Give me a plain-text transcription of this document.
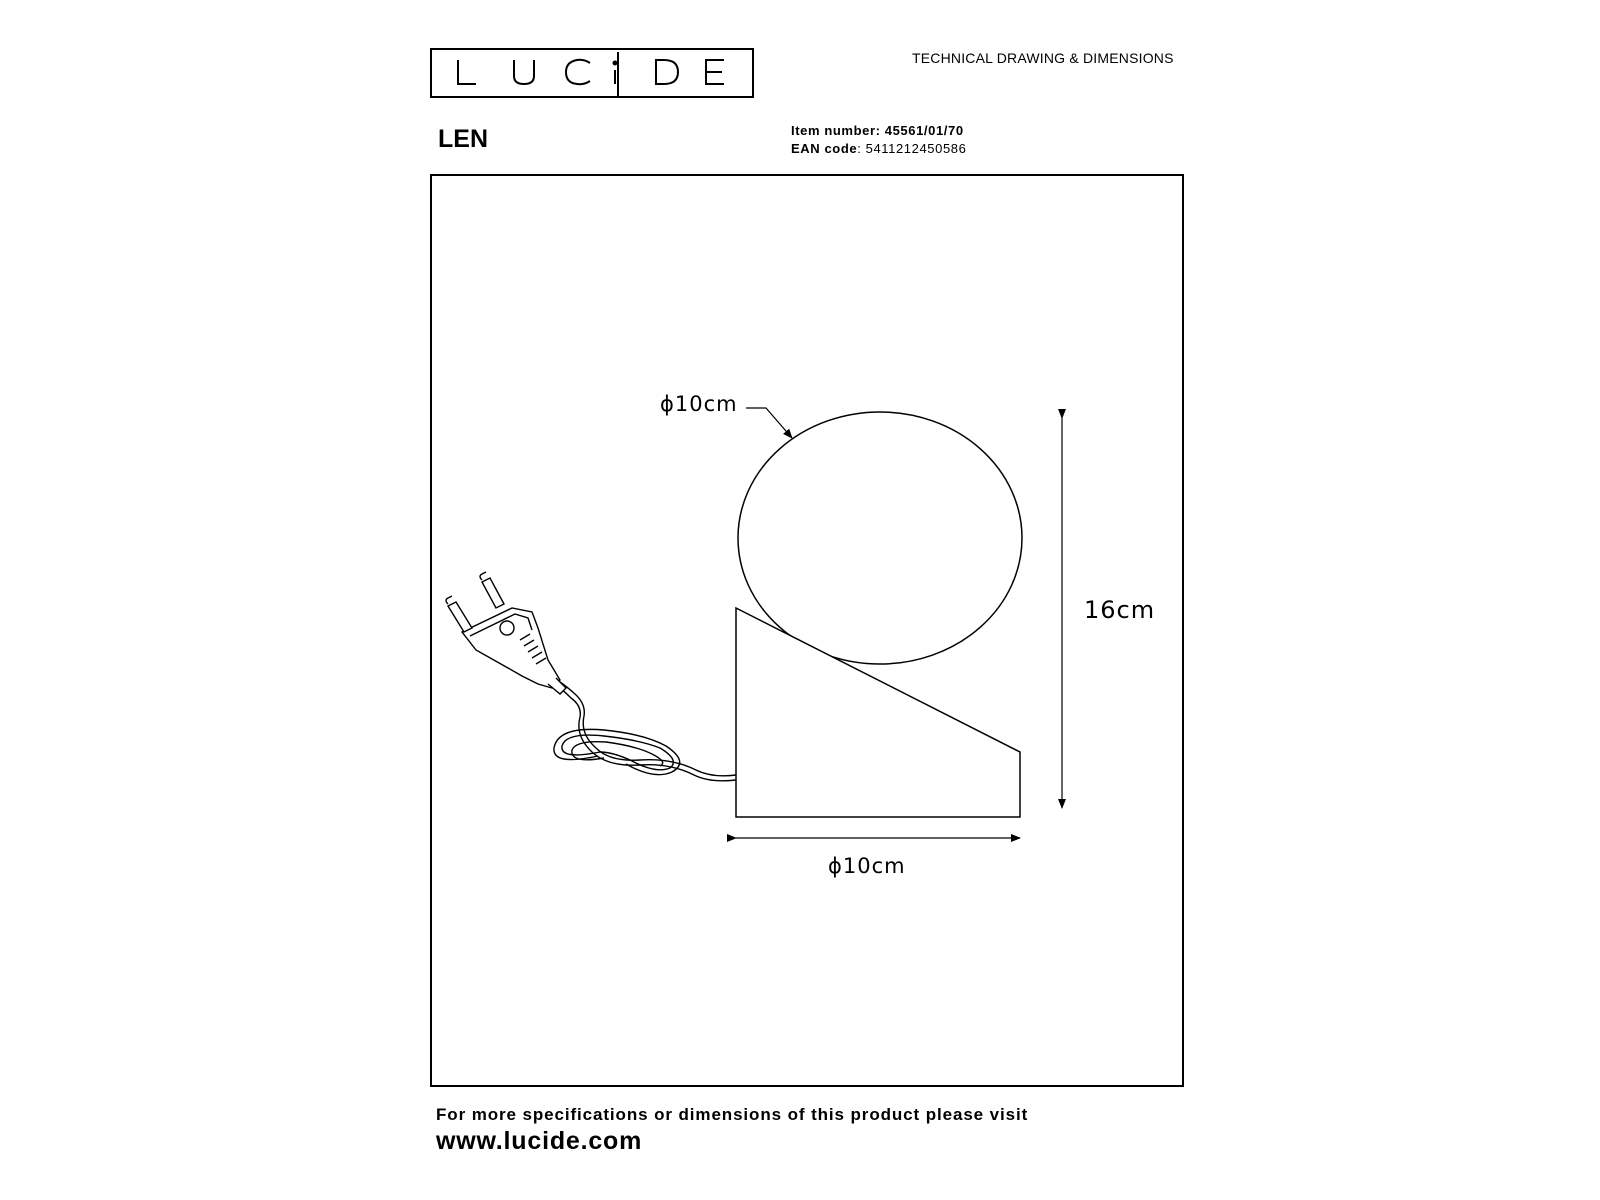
TECHNICAL DRAWING & DIMENSIONS
LEN	Item number: 45561/01/70
EAN code: 5411212450586
ϕ10cm
16cm
ϕ10cm
For more specifications or dimensions of this product please visit
www.lucide.com
